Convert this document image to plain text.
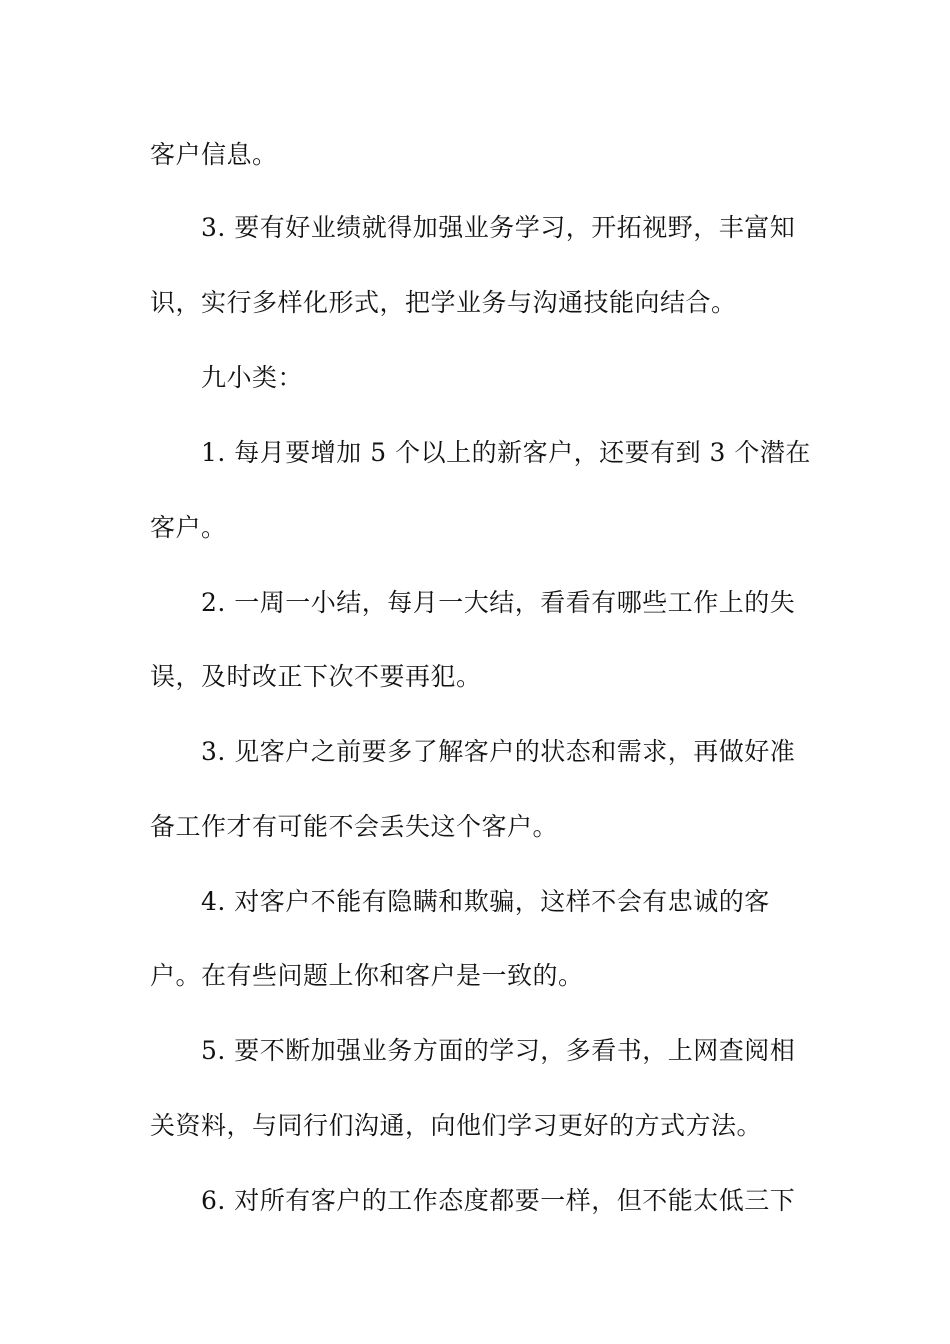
客户信息。
3. 要有好业绩就得加强业务学习，开拓视野，丰富知
识，实行多样化形式，把学业务与沟通技能向结合。
九小类：
1. 每月要增加 5 个以上的新客户，还要有到 3 个潜在
客户。
2. 一周一小结，每月一大结，看看有哪些工作上的失
误，及时改正下次不要再犯。
3. 见客户之前要多了解客户的状态和需求，再做好准
备工作才有可能不会丢失这个客户。
4. 对客户不能有隐瞒和欺骗，这样不会有忠诚的客
户。在有些问题上你和客户是一致的。
5. 要不断加强业务方面的学习，多看书，上网查阅相
关资料，与同行们沟通，向他们学习更好的方式方法。
6. 对所有客户的工作态度都要一样，但不能太低三下
